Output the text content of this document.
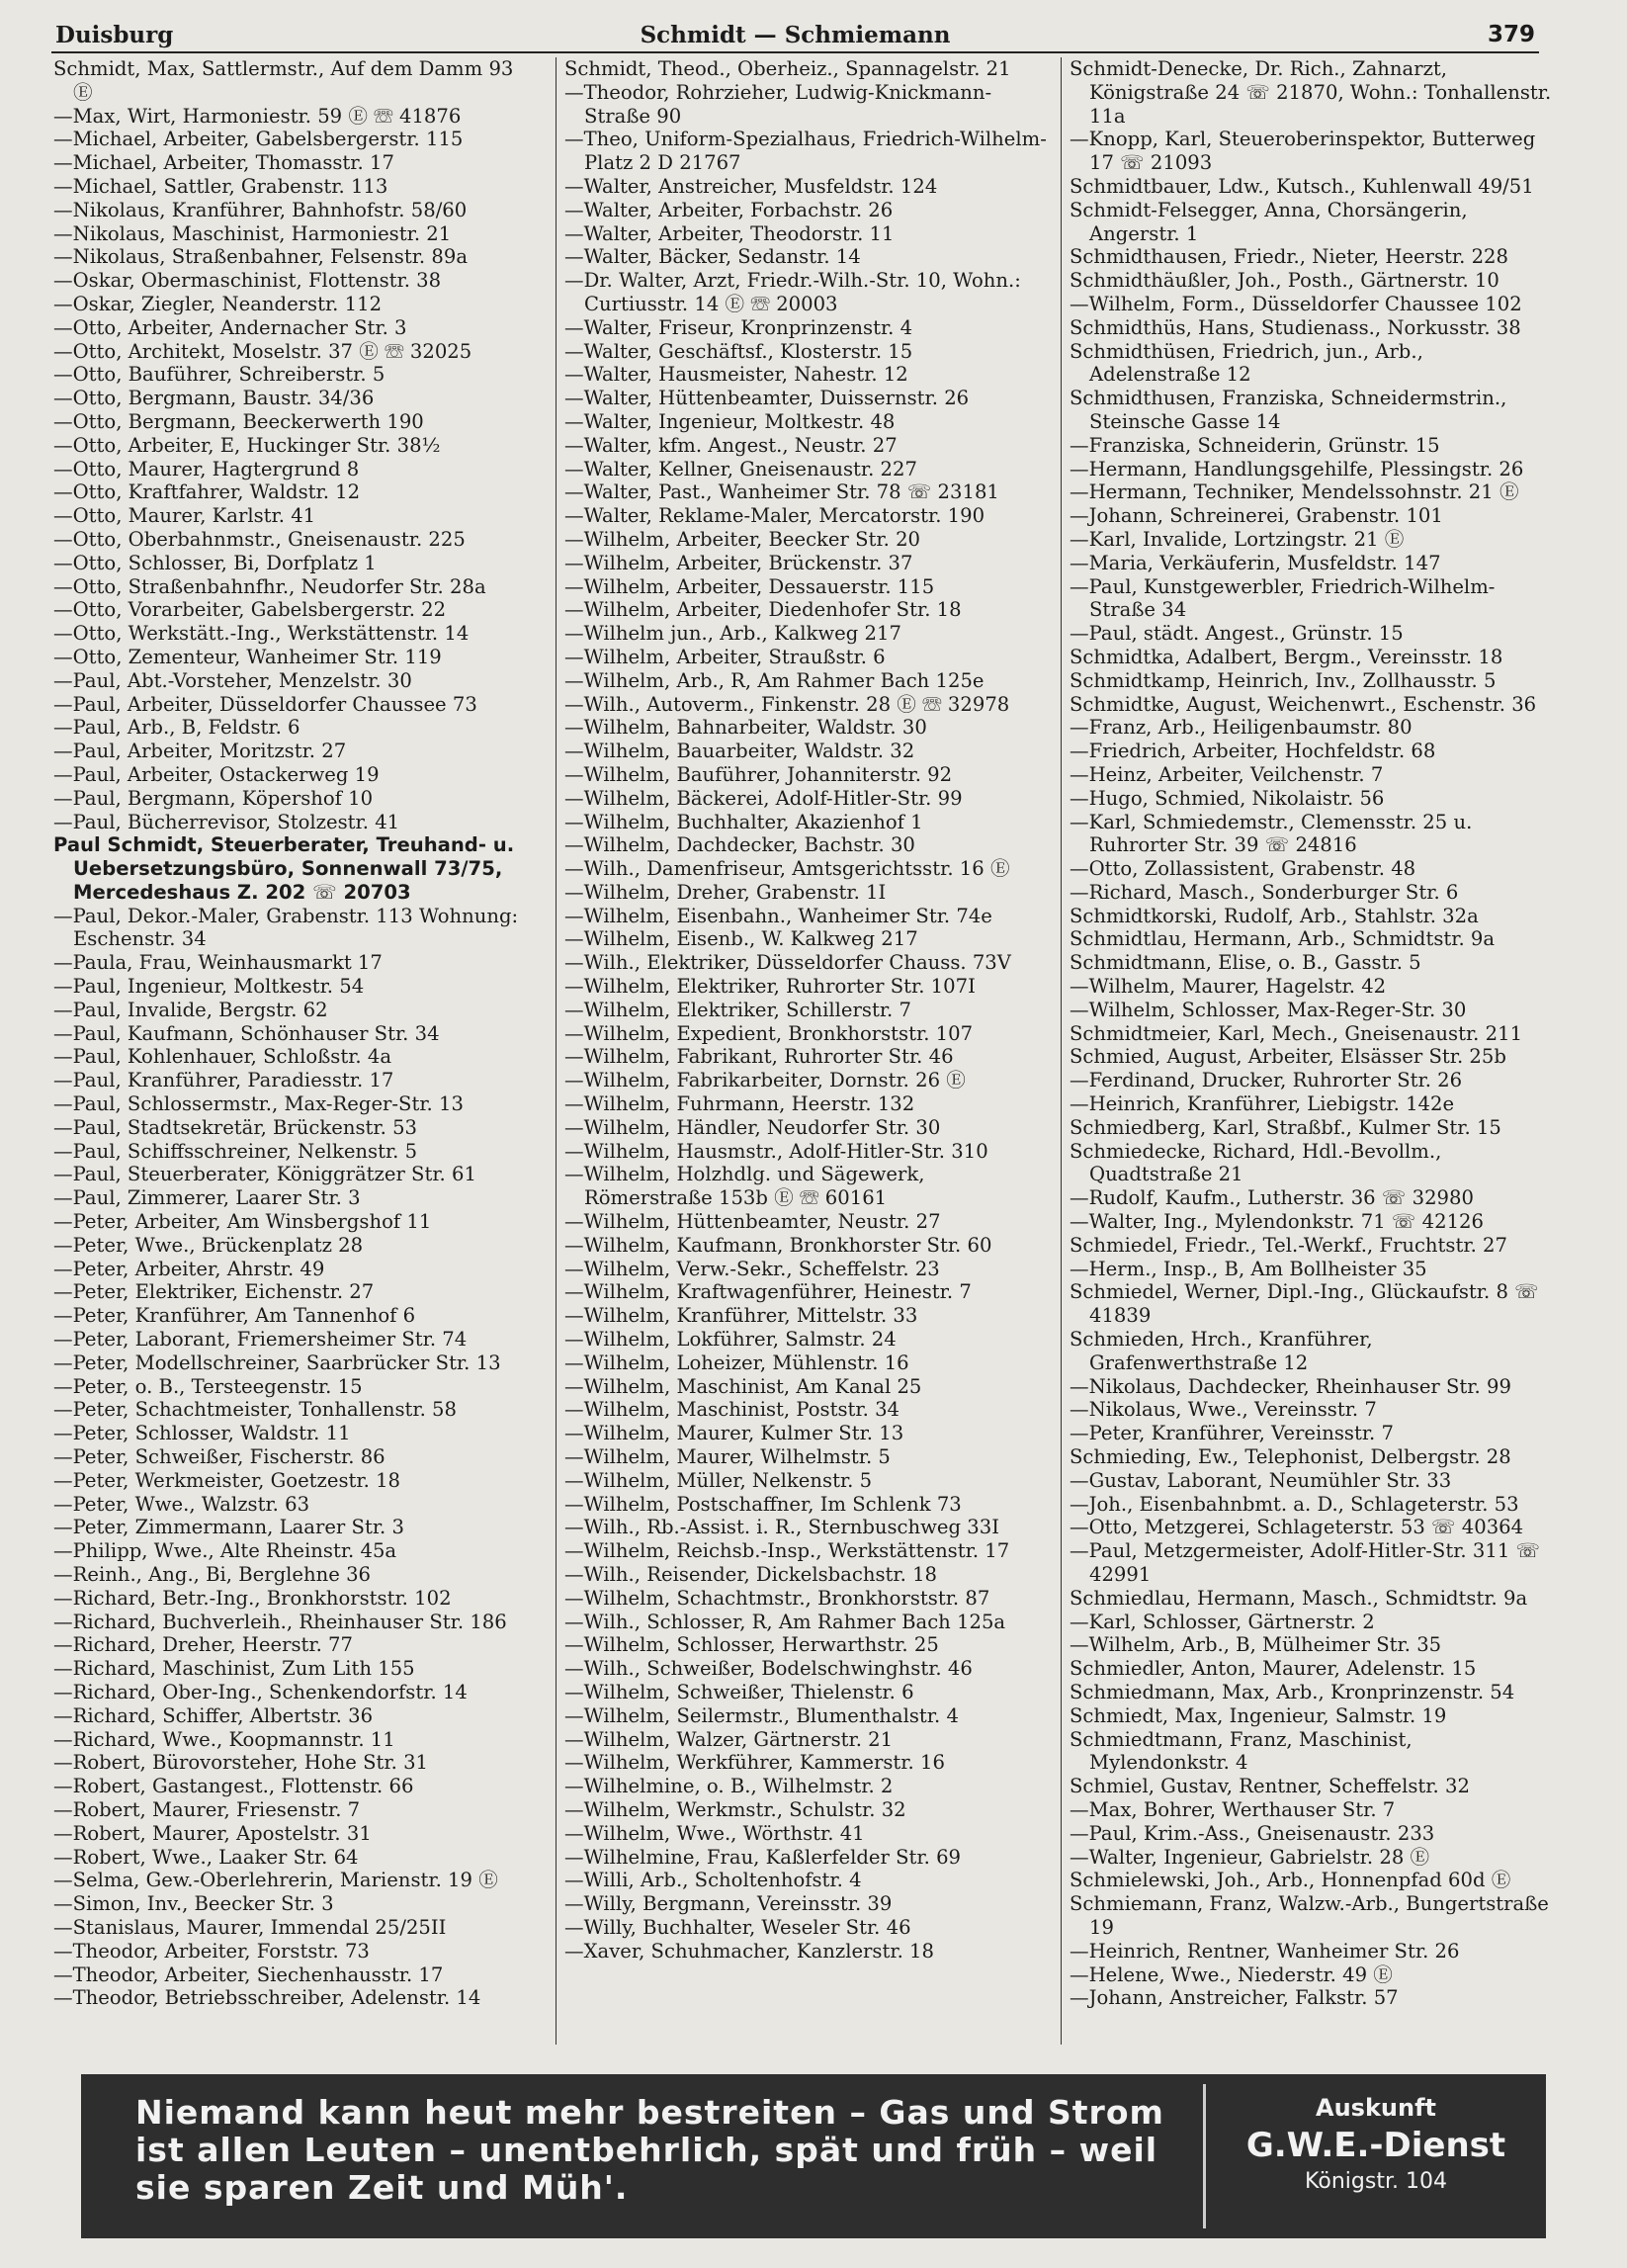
Duisburg	Schmidt — Schmiemann	379

Schmidt, Max, Sattlermstr., Auf dem Damm 93 Ⓔ

—Max, Wirt, Harmoniestr. 59 Ⓔ ☏ 41876

—Michael, Arbeiter, Gabelsbergerstr. 115

—Michael, Arbeiter, Thomasstr. 17

—Michael, Sattler, Grabenstr. 113

—Nikolaus, Kranführer, Bahnhofstr. 58/60

—Nikolaus, Maschinist, Harmoniestr. 21

—Nikolaus, Straßenbahner, Felsenstr. 89a

—Oskar, Obermaschinist, Flottenstr. 38

—Oskar, Ziegler, Neanderstr. 112

—Otto, Arbeiter, Andernacher Str. 3

—Otto, Architekt, Moselstr. 37 Ⓔ ☏ 32025

—Otto, Bauführer, Schreiberstr. 5

—Otto, Bergmann, Baustr. 34/36

—Otto, Bergmann, Beeckerwerth 190

—Otto, Arbeiter, E, Huckinger Str. 38½

—Otto, Maurer, Hagtergrund 8

—Otto, Kraftfahrer, Waldstr. 12

—Otto, Maurer, Karlstr. 41

—Otto, Oberbahnmstr., Gneisenaustr. 225

—Otto, Schlosser, Bi, Dorfplatz 1

—Otto, Straßenbahnfhr., Neudorfer Str. 28a

—Otto, Vorarbeiter, Gabelsbergerstr. 22

—Otto, Werkstätt.-Ing., Werkstättenstr. 14

—Otto, Zementeur, Wanheimer Str. 119

—Paul, Abt.-Vorsteher, Menzelstr. 30

—Paul, Arbeiter, Düsseldorfer Chaussee 73

—Paul, Arb., B, Feldstr. 6

—Paul, Arbeiter, Moritzstr. 27

—Paul, Arbeiter, Ostackerweg 19

—Paul, Bergmann, Köpershof 10

—Paul, Bücherrevisor, Stolzestr. 41

Paul Schmidt, Steuerberater, Treuhand- u. Uebersetzungsbüro, Sonnenwall 73/75, Mercedeshaus Z. 202 ☏ 20703

—Paul, Dekor.-Maler, Grabenstr. 113 Wohnung: Eschenstr. 34

—Paula, Frau, Weinhausmarkt 17

—Paul, Ingenieur, Moltkestr. 54

—Paul, Invalide, Bergstr. 62

—Paul, Kaufmann, Schönhauser Str. 34

—Paul, Kohlenhauer, Schloßstr. 4a

—Paul, Kranführer, Paradiesstr. 17

—Paul, Schlossermstr., Max-Reger-Str. 13

—Paul, Stadtsekretär, Brückenstr. 53

—Paul, Schiffsschreiner, Nelkenstr. 5

—Paul, Steuerberater, Königgrätzer Str. 61

—Paul, Zimmerer, Laarer Str. 3

—Peter, Arbeiter, Am Winsbergshof 11

—Peter, Wwe., Brückenplatz 28

—Peter, Arbeiter, Ahrstr. 49

—Peter, Elektriker, Eichenstr. 27

—Peter, Kranführer, Am Tannenhof 6

—Peter, Laborant, Friemersheimer Str. 74

—Peter, Modellschreiner, Saarbrücker Str. 13

—Peter, o. B., Tersteegenstr. 15

—Peter, Schachtmeister, Tonhallenstr. 58

—Peter, Schlosser, Waldstr. 11

—Peter, Schweißer, Fischerstr. 86

—Peter, Werkmeister, Goetzestr. 18

—Peter, Wwe., Walzstr. 63

—Peter, Zimmermann, Laarer Str. 3

—Philipp, Wwe., Alte Rheinstr. 45a

—Reinh., Ang., Bi, Berglehne 36

—Richard, Betr.-Ing., Bronkhorststr. 102

—Richard, Buchverleih., Rheinhauser Str. 186

—Richard, Dreher, Heerstr. 77

—Richard, Maschinist, Zum Lith 155

—Richard, Ober-Ing., Schenkendorfstr. 14

—Richard, Schiffer, Albertstr. 36

—Richard, Wwe., Koopmannstr. 11

—Robert, Bürovorsteher, Hohe Str. 31

—Robert, Gastangest., Flottenstr. 66

—Robert, Maurer, Friesenstr. 7

—Robert, Maurer, Apostelstr. 31

—Robert, Wwe., Laaker Str. 64

—Selma, Gew.-Oberlehrerin, Marienstr. 19 Ⓔ

—Simon, Inv., Beecker Str. 3

—Stanislaus, Maurer, Immendal 25/25II

—Theodor, Arbeiter, Forststr. 73

—Theodor, Arbeiter, Siechenhausstr. 17

—Theodor, Betriebsschreiber, Adelenstr. 14

Schmidt, Theod., Oberheiz., Spannagelstr. 21

—Theodor, Rohrzieher, Ludwig-Knickmann-Straße 90

—Theo, Uniform-Spezialhaus, Friedrich-Wilhelm-Platz 2 D 21767

—Walter, Anstreicher, Musfeldstr. 124

—Walter, Arbeiter, Forbachstr. 26

—Walter, Arbeiter, Theodorstr. 11

—Walter, Bäcker, Sedanstr. 14

—Dr. Walter, Arzt, Friedr.-Wilh.-Str. 10, Wohn.: Curtiusstr. 14 Ⓔ ☏ 20003

—Walter, Friseur, Kronprinzenstr. 4

—Walter, Geschäftsf., Klosterstr. 15

—Walter, Hausmeister, Nahestr. 12

—Walter, Hüttenbeamter, Duissernstr. 26

—Walter, Ingenieur, Moltkestr. 48

—Walter, kfm. Angest., Neustr. 27

—Walter, Kellner, Gneisenaustr. 227

—Walter, Past., Wanheimer Str. 78 ☏ 23181

—Walter, Reklame-Maler, Mercatorstr. 190

—Wilhelm, Arbeiter, Beecker Str. 20

—Wilhelm, Arbeiter, Brückenstr. 37

—Wilhelm, Arbeiter, Dessauerstr. 115

—Wilhelm, Arbeiter, Diedenhofer Str. 18

—Wilhelm jun., Arb., Kalkweg 217

—Wilhelm, Arbeiter, Straußstr. 6

—Wilhelm, Arb., R, Am Rahmer Bach 125e

—Wilh., Autoverm., Finkenstr. 28 Ⓔ ☏ 32978

—Wilhelm, Bahnarbeiter, Waldstr. 30

—Wilhelm, Bauarbeiter, Waldstr. 32

—Wilhelm, Bauführer, Johanniterstr. 92

—Wilhelm, Bäckerei, Adolf-Hitler-Str. 99

—Wilhelm, Buchhalter, Akazienhof 1

—Wilhelm, Dachdecker, Bachstr. 30

—Wilh., Damenfriseur, Amtsgerichtsstr. 16 Ⓔ

—Wilhelm, Dreher, Grabenstr. 1I

—Wilhelm, Eisenbahn., Wanheimer Str. 74e

—Wilhelm, Eisenb., W. Kalkweg 217

—Wilh., Elektriker, Düsseldorfer Chauss. 73V

—Wilhelm, Elektriker, Ruhrorter Str. 107I

—Wilhelm, Elektriker, Schillerstr. 7

—Wilhelm, Expedient, Bronkhorststr. 107

—Wilhelm, Fabrikant, Ruhrorter Str. 46

—Wilhelm, Fabrikarbeiter, Dornstr. 26 Ⓔ

—Wilhelm, Fuhrmann, Heerstr. 132

—Wilhelm, Händler, Neudorfer Str. 30

—Wilhelm, Hausmstr., Adolf-Hitler-Str. 310

—Wilhelm, Holzhdlg. und Sägewerk, Römerstraße 153b Ⓔ ☏ 60161

—Wilhelm, Hüttenbeamter, Neustr. 27

—Wilhelm, Kaufmann, Bronkhorster Str. 60

—Wilhelm, Verw.-Sekr., Scheffelstr. 23

—Wilhelm, Kraftwagenführer, Heinestr. 7

—Wilhelm, Kranführer, Mittelstr. 33

—Wilhelm, Lokführer, Salmstr. 24

—Wilhelm, Loheizer, Mühlenstr. 16

—Wilhelm, Maschinist, Am Kanal 25

—Wilhelm, Maschinist, Poststr. 34

—Wilhelm, Maurer, Kulmer Str. 13

—Wilhelm, Maurer, Wilhelmstr. 5

—Wilhelm, Müller, Nelkenstr. 5

—Wilhelm, Postschaffner, Im Schlenk 73

—Wilh., Rb.-Assist. i. R., Sternbuschweg 33I

—Wilhelm, Reichsb.-Insp., Werkstättenstr. 17

—Wilh., Reisender, Dickelsbachstr. 18

—Wilhelm, Schachtmstr., Bronkhorststr. 87

—Wilh., Schlosser, R, Am Rahmer Bach 125a

—Wilhelm, Schlosser, Herwarthstr. 25

—Wilh., Schweißer, Bodelschwinghstr. 46

—Wilhelm, Schweißer, Thielenstr. 6

—Wilhelm, Seilermstr., Blumenthalstr. 4

—Wilhelm, Walzer, Gärtnerstr. 21

—Wilhelm, Werkführer, Kammerstr. 16

—Wilhelmine, o. B., Wilhelmstr. 2

—Wilhelm, Werkmstr., Schulstr. 32

—Wilhelm, Wwe., Wörthstr. 41

—Wilhelmine, Frau, Kaßlerfelder Str. 69

—Willi, Arb., Scholtenhofstr. 4

—Willy, Bergmann, Vereinsstr. 39

—Willy, Buchhalter, Weseler Str. 46

—Xaver, Schuhmacher, Kanzlerstr. 18

Schmidt-Denecke, Dr. Rich., Zahnarzt, Königstraße 24 ☏ 21870, Wohn.: Tonhallenstr. 11a

—Knopp, Karl, Steueroberinspektor, Butterweg 17 ☏ 21093

Schmidtbauer, Ldw., Kutsch., Kuhlenwall 49/51

Schmidt-Felsegger, Anna, Chorsängerin, Angerstr. 1

Schmidthausen, Friedr., Nieter, Heerstr. 228

Schmidthäußler, Joh., Posth., Gärtnerstr. 10

—Wilhelm, Form., Düsseldorfer Chaussee 102

Schmidthüs, Hans, Studienass., Norkusstr. 38

Schmidthüsen, Friedrich, jun., Arb., Adelenstraße 12

Schmidthusen, Franziska, Schneidermstrin., Steinsche Gasse 14

—Franziska, Schneiderin, Grünstr. 15

—Hermann, Handlungsgehilfe, Plessingstr. 26

—Hermann, Techniker, Mendelssohnstr. 21 Ⓔ

—Johann, Schreinerei, Grabenstr. 101

—Karl, Invalide, Lortzingstr. 21 Ⓔ

—Maria, Verkäuferin, Musfeldstr. 147

—Paul, Kunstgewerbler, Friedrich-Wilhelm-Straße 34

—Paul, städt. Angest., Grünstr. 15

Schmidtka, Adalbert, Bergm., Vereinsstr. 18

Schmidtkamp, Heinrich, Inv., Zollhausstr. 5

Schmidtke, August, Weichenwrt., Eschenstr. 36

—Franz, Arb., Heiligenbaumstr. 80

—Friedrich, Arbeiter, Hochfeldstr. 68

—Heinz, Arbeiter, Veilchenstr. 7

—Hugo, Schmied, Nikolaistr. 56

—Karl, Schmiedemstr., Clemensstr. 25 u. Ruhrorter Str. 39 ☏ 24816

—Otto, Zollassistent, Grabenstr. 48

—Richard, Masch., Sonderburger Str. 6

Schmidtkorski, Rudolf, Arb., Stahlstr. 32a

Schmidtlau, Hermann, Arb., Schmidtstr. 9a

Schmidtmann, Elise, o. B., Gasstr. 5

—Wilhelm, Maurer, Hagelstr. 42

—Wilhelm, Schlosser, Max-Reger-Str. 30

Schmidtmeier, Karl, Mech., Gneisenaustr. 211

Schmied, August, Arbeiter, Elsässer Str. 25b

—Ferdinand, Drucker, Ruhrorter Str. 26

—Heinrich, Kranführer, Liebigstr. 142e

Schmiedberg, Karl, Straßbf., Kulmer Str. 15

Schmiedecke, Richard, Hdl.-Bevollm., Quadtstraße 21

—Rudolf, Kaufm., Lutherstr. 36 ☏ 32980

—Walter, Ing., Mylendonkstr. 71 ☏ 42126

Schmiedel, Friedr., Tel.-Werkf., Fruchtstr. 27

—Herm., Insp., B, Am Bollheister 35

Schmiedel, Werner, Dipl.-Ing., Glückaufstr. 8 ☏ 41839

Schmieden, Hrch., Kranführer, Grafenwerthstraße 12

—Nikolaus, Dachdecker, Rheinhauser Str. 99

—Nikolaus, Wwe., Vereinsstr. 7

—Peter, Kranführer, Vereinsstr. 7

Schmieding, Ew., Telephonist, Delbergstr. 28

—Gustav, Laborant, Neumühler Str. 33

—Joh., Eisenbahnbmt. a. D., Schlageterstr. 53

—Otto, Metzgerei, Schlageterstr. 53 ☏ 40364

—Paul, Metzgermeister, Adolf-Hitler-Str. 311 ☏ 42991

Schmiedlau, Hermann, Masch., Schmidtstr. 9a

—Karl, Schlosser, Gärtnerstr. 2

—Wilhelm, Arb., B, Mülheimer Str. 35

Schmiedler, Anton, Maurer, Adelenstr. 15

Schmiedmann, Max, Arb., Kronprinzenstr. 54

Schmiedt, Max, Ingenieur, Salmstr. 19

Schmiedtmann, Franz, Maschinist, Mylendonkstr. 4

Schmiel, Gustav, Rentner, Scheffelstr. 32

—Max, Bohrer, Werthauser Str. 7

—Paul, Krim.-Ass., Gneisenaustr. 233

—Walter, Ingenieur, Gabrielstr. 28 Ⓔ

Schmielewski, Joh., Arb., Honnenpfad 60d Ⓔ

Schmiemann, Franz, Walzw.-Arb., Bungertstraße 19

—Heinrich, Rentner, Wanheimer Str. 26

—Helene, Wwe., Niederstr. 49 Ⓔ

—Johann, Anstreicher, Falkstr. 57

Niemand kann heut mehr bestreiten – Gas und Strom ist allen Leuten – unentbehrlich, spät und früh – weil sie sparen Zeit und Müh'.
Auskunft
G.W.E.-Dienst
Königstr. 104
